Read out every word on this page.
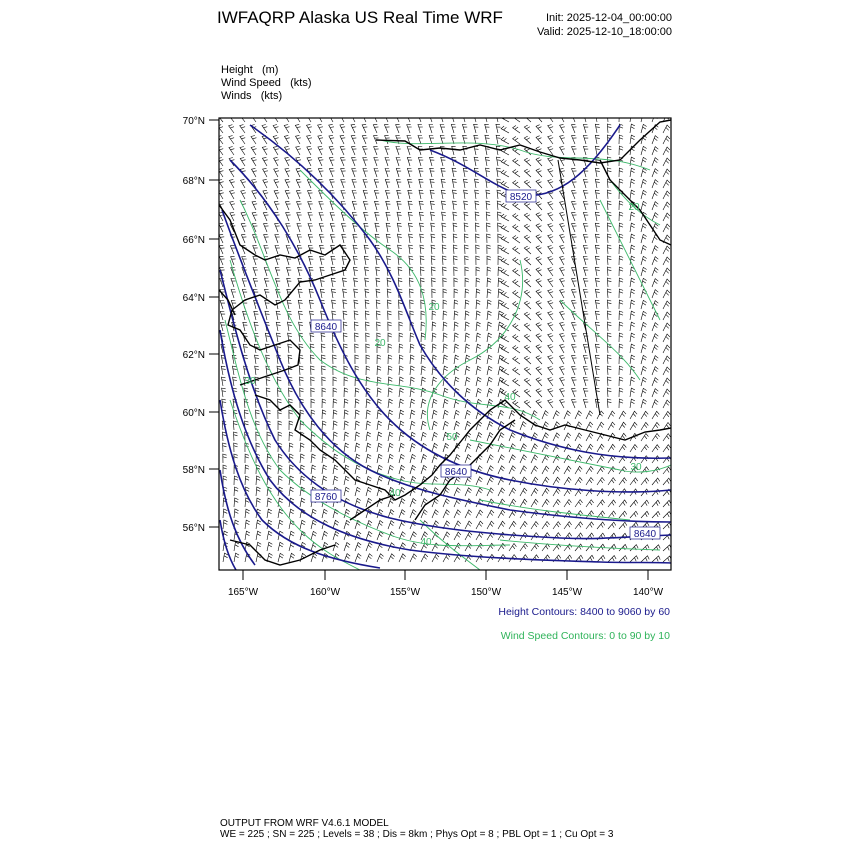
IWFAQRP Alaska US Real Time WRF	Init: 2025-12-04_00:00:00
Valid: 2025-12-10_18:00:00
Height (m)
Wind Speed (kts)
Winds (kts)
8520
8640
8760
8640
8640
20
20
30
40
40
30
20
50
40
70°N
68°N
66°N
64°N
62°N
60°N
58°N
56°N
165°W	160°W	155°W	150°W	145°W	140°W
Height Contours: 8400 to 9060 by 60
Wind Speed Contours: 0 to 90 by 10
OUTPUT FROM WRF V4.6.1 MODEL
WE = 225 ; SN = 225 ; Levels = 38 ; Dis = 8km ; Phys Opt = 8 ; PBL Opt = 1 ; Cu Opt = 3
